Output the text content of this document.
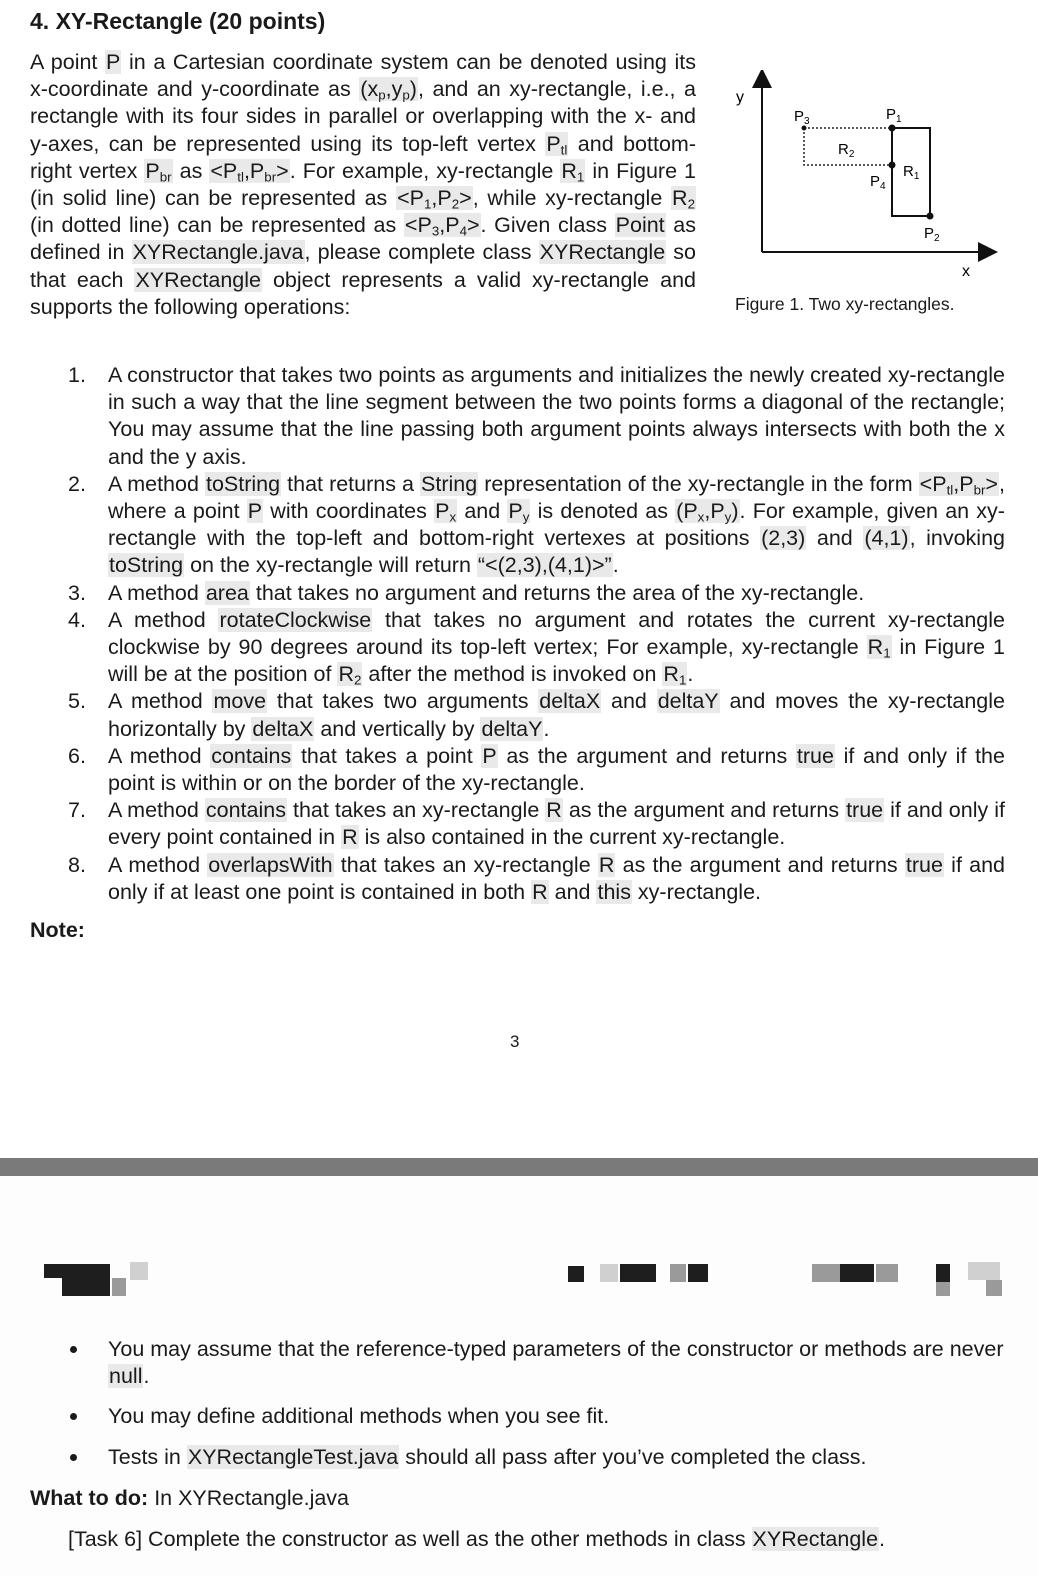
4. XY-Rectangle (20 points)
A point P in a Cartesian coordinate system can be denoted using its x-coordinate and y-coordinate as $(x_p,y_p)$, and an xy-rectangle, i.e., a rectangle with its four sides in parallel or overlapping with the x- and y-axes, can be represented using its top-left vertex $P_{tl}$ and bottom-right vertex $P_{br}$ as $<P_{tl},P_{br}>$. For example, xy-rectangle $R_1$ in Figure 1 (in solid line) can be represented as $<P_1,P_2>$, while xy-rectangle $R_2$ (in dotted line) can be represented as $<P_3,P_4>$. Given class Point as defined in XYRectangle.java, please complete class XYRectangle so that each XYRectangle object represents a valid xy-rectangle and supports the following operations:
y
x
$P_3$	$P_1$
$R_2$
$P_4$
$R_1$
$P_2$
Figure 1. Two xy-rectangles.
1. A constructor that takes two points as arguments and initializes the newly created xy-rectangle in such a way that the line segment between the two points forms a diagonal of the rectangle; You may assume that the line passing both argument points always intersects with both the x and the y axis.
2. A method toString that returns a String representation of the xy-rectangle in the form $<P_{tl},P_{br}>$, where a point P with coordinates $P_x$ and $P_y$ is denoted as $(P_x,P_y)$. For example, given an xy-rectangle with the top-left and bottom-right vertexes at positions (2,3) and (4,1), invoking toString on the xy-rectangle will return “<(2,3),(4,1)>”.
3. A method area that takes no argument and returns the area of the xy-rectangle.
4. A method rotateClockwise that takes no argument and rotates the current xy-rectangle clockwise by 90 degrees around its top-left vertex; For example, xy-rectangle $R_1$ in Figure 1 will be at the position of $R_2$ after the method is invoked on $R_1$.
5. A method move that takes two arguments deltaX and deltaY and moves the xy-rectangle horizontally by deltaX and vertically by deltaY.
6. A method contains that takes a point P as the argument and returns true if and only if the point is within or on the border of the xy-rectangle.
7. A method contains that takes an xy-rectangle R as the argument and returns true if and only if every point contained in R is also contained in the current xy-rectangle.
8. A method overlapsWith that takes an xy-rectangle R as the argument and returns true if and only if at least one point is contained in both R and this xy-rectangle.
Note:
3
You may assume that the reference-typed parameters of the constructor or methods are never null.
You may define additional methods when you see fit.
Tests in XYRectangleTest.java should all pass after you’ve completed the class.
What to do: In XYRectangle.java
[Task 6] Complete the constructor as well as the other methods in class XYRectangle.
